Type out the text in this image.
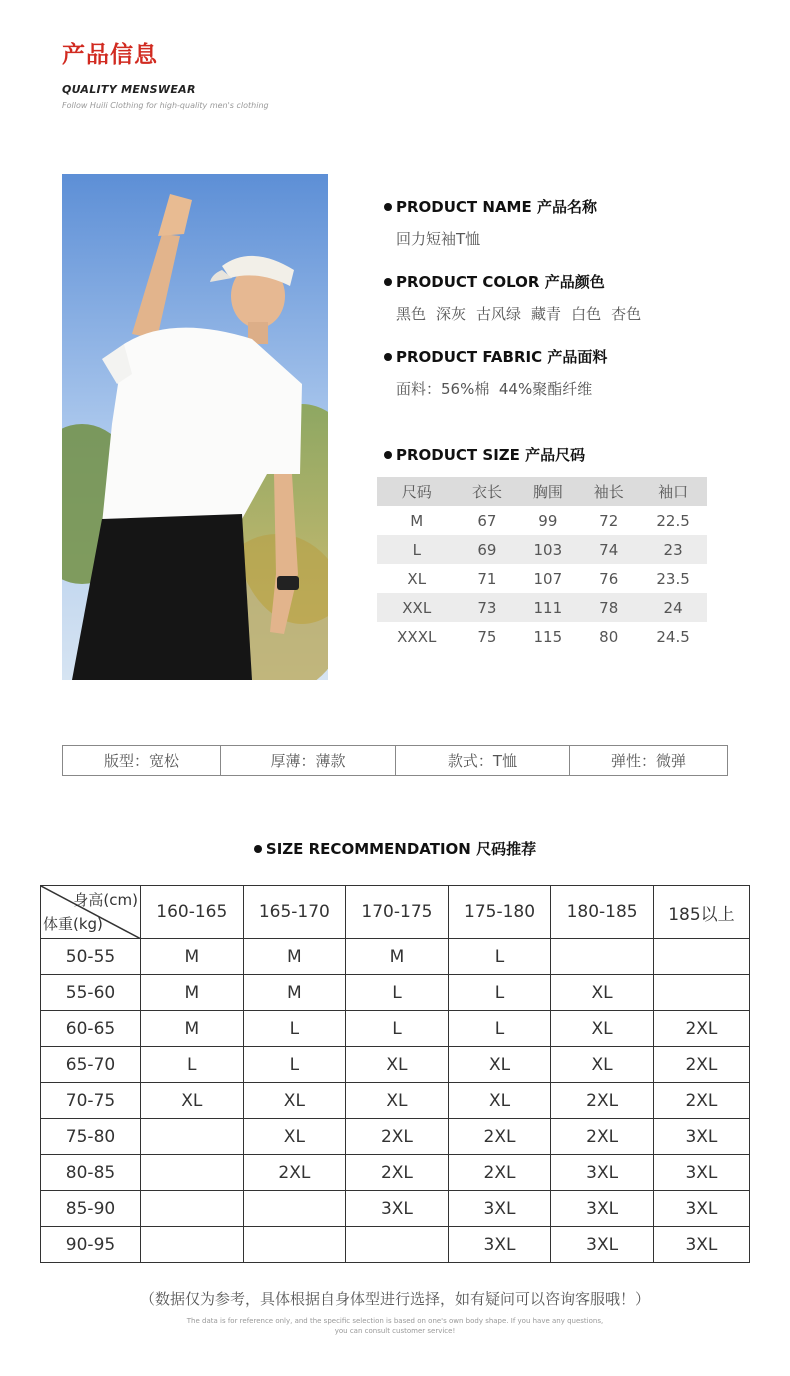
产品信息
QUALITY MENSWEAR
Follow Huili Clothing for high-quality men's clothing
PRODUCT NAME 产品名称
回力短袖T恤
PRODUCT COLOR 产品颜色
黑色 深灰 古风绿 藏青 白色 杏色
PRODUCT FABRIC 产品面料
面料：56%棉  44%聚酯纤维
PRODUCT SIZE 产品尺码
尺码	衣长	胸围	袖长	袖口
M	67	99	72	22.5
L	69	103	74	23
XL	71	107	76	23.5
XXL	73	111	78	24
XXXL	75	115	80	24.5
版型：宽松	厚薄：薄款	款式：T恤	弹性：微弹
SIZE RECOMMENDATION 尺码推荐
身高(cm)
体重(kg)	160-165	165-170	170-175	175-180	180-185	185以上
50-55	M	M	M	L		
55-60	M	M	L	L	XL	
60-65	M	L	L	L	XL	2XL
65-70	L	L	XL	XL	XL	2XL
70-75	XL	XL	XL	XL	2XL	2XL
75-80		XL	2XL	2XL	2XL	3XL
80-85		2XL	2XL	2XL	3XL	3XL
85-90			3XL	3XL	3XL	3XL
90-95				3XL	3XL	3XL
（数据仅为参考，具体根据自身体型进行选择，如有疑问可以咨询客服哦！）
The data is for reference only, and the specific selection is based on one's own body shape. If you have any questions,
you can consult customer service!
